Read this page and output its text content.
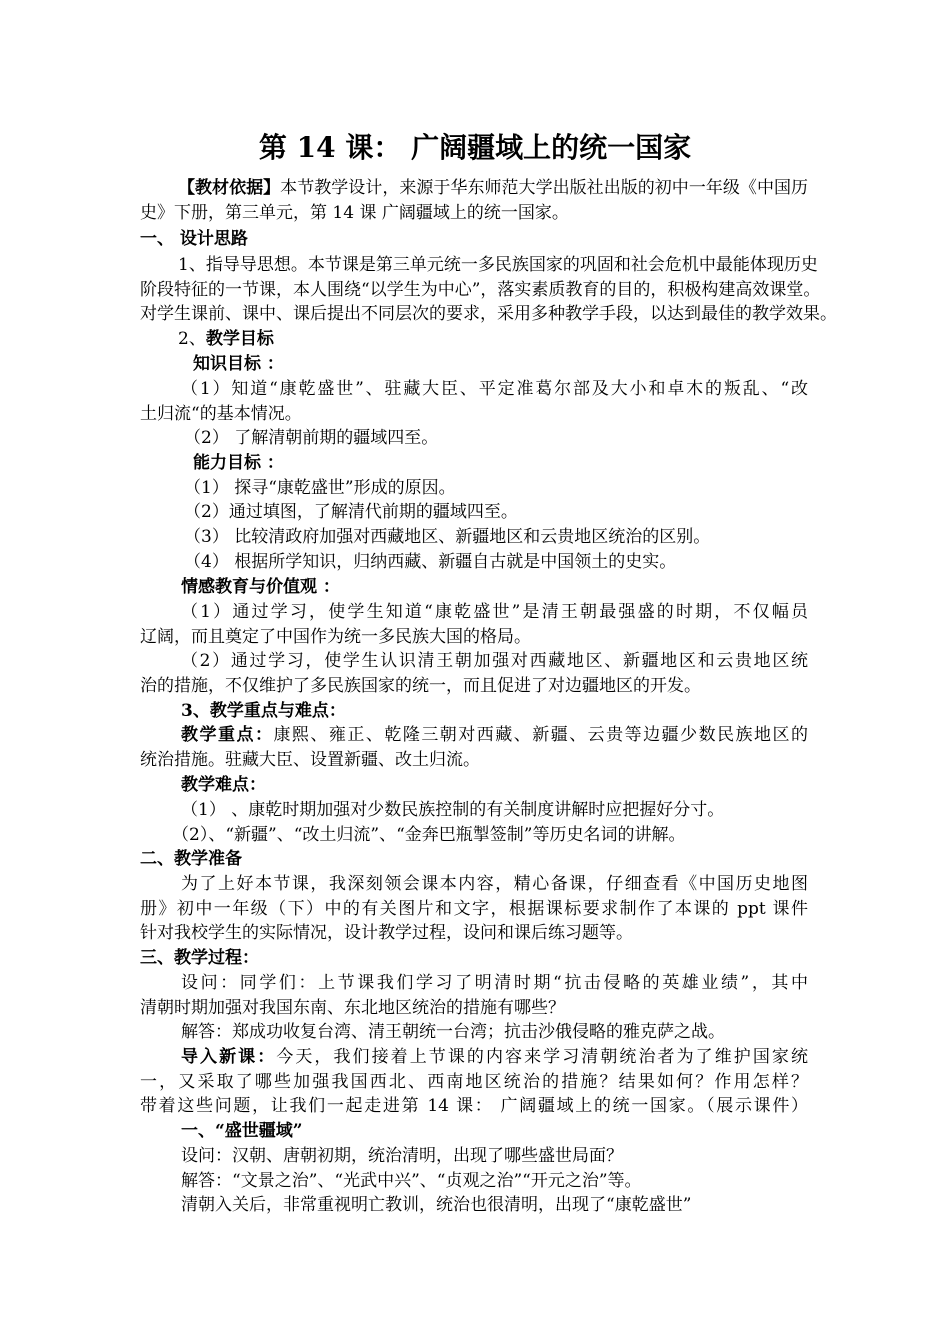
第 14 课： 广阔疆域上的统一国家
【教材依据】本节教学设计，来源于华东师范大学出版社出版的初中一年级《中国历
史》下册，第三单元，第 14 课 广阔疆域上的统一国家。
一、 设计思路
1、指导导思想。本节课是第三单元统一多民族国家的巩固和社会危机中最能体现历史
阶段特征的一节课，本人围绕“以学生为中心”，落实素质教育的目的，积极构建高效课堂。
对学生课前、课中、课后提出不同层次的要求，采用多种教学手段，以达到最佳的教学效果。
2、教学目标
知识目标 ：
（1）知道“康乾盛世”、驻藏大臣、平定准葛尔部及大小和卓木的叛乱、“改
土归流“的基本情况。
（2） 了解清朝前期的疆域四至。
能力目标 ：
（1） 探寻“康乾盛世”形成的原因。
（2）通过填图，了解清代前期的疆域四至。
（3） 比较清政府加强对西藏地区、新疆地区和云贵地区统治的区别。
（4） 根据所学知识，归纳西藏、新疆自古就是中国领土的史实。
情感教育与价值观 ：
（1）通过学习，使学生知道“康乾盛世”是清王朝最强盛的时期，不仅幅员
辽阔，而且奠定了中国作为统一多民族大国的格局。
（2）通过学习，使学生认识清王朝加强对西藏地区、新疆地区和云贵地区统
治的措施，不仅维护了多民族国家的统一，而且促进了对边疆地区的开发。
3、教学重点与难点：
教学重点：康熙、雍正、乾隆三朝对西藏、新疆、云贵等边疆少数民族地区的
统治措施。驻藏大臣、设置新疆、改土归流。
教学难点：
（1） 、康乾时期加强对少数民族控制的有关制度讲解时应把握好分寸。
（2）、“新疆”、“改土归流”、“金奔巴瓶掣签制”等历史名词的讲解。
二、教学准备
为了上好本节课，我深刻领会课本内容，精心备课，仔细查看《中国历史地图
册》初中一年级（下）中的有关图片和文字，根据课标要求制作了本课的 ppt 课件
针对我校学生的实际情况，设计教学过程，设问和课后练习题等。
三、教学过程：
设问：同学们：上节课我们学习了明清时期“抗击侵略的英雄业绩”，其中
清朝时期加强对我国东南、东北地区统治的措施有哪些？
解答：郑成功收复台湾、清王朝统一台湾；抗击沙俄侵略的雅克萨之战。
导入新课：今天，我们接着上节课的内容来学习清朝统治者为了维护国家统
一，又采取了哪些加强我国西北、西南地区统治的措施？结果如何？作用怎样？
带着这些问题，让我们一起走进第 14 课： 广阔疆域上的统一国家。（展示课件）
一、“盛世疆域”
设问：汉朝、唐朝初期，统治清明，出现了哪些盛世局面？
解答：“文景之治”、“光武中兴”、“贞观之治”“开元之治”等。
清朝入关后，非常重视明亡教训，统治也很清明，出现了“康乾盛世”
